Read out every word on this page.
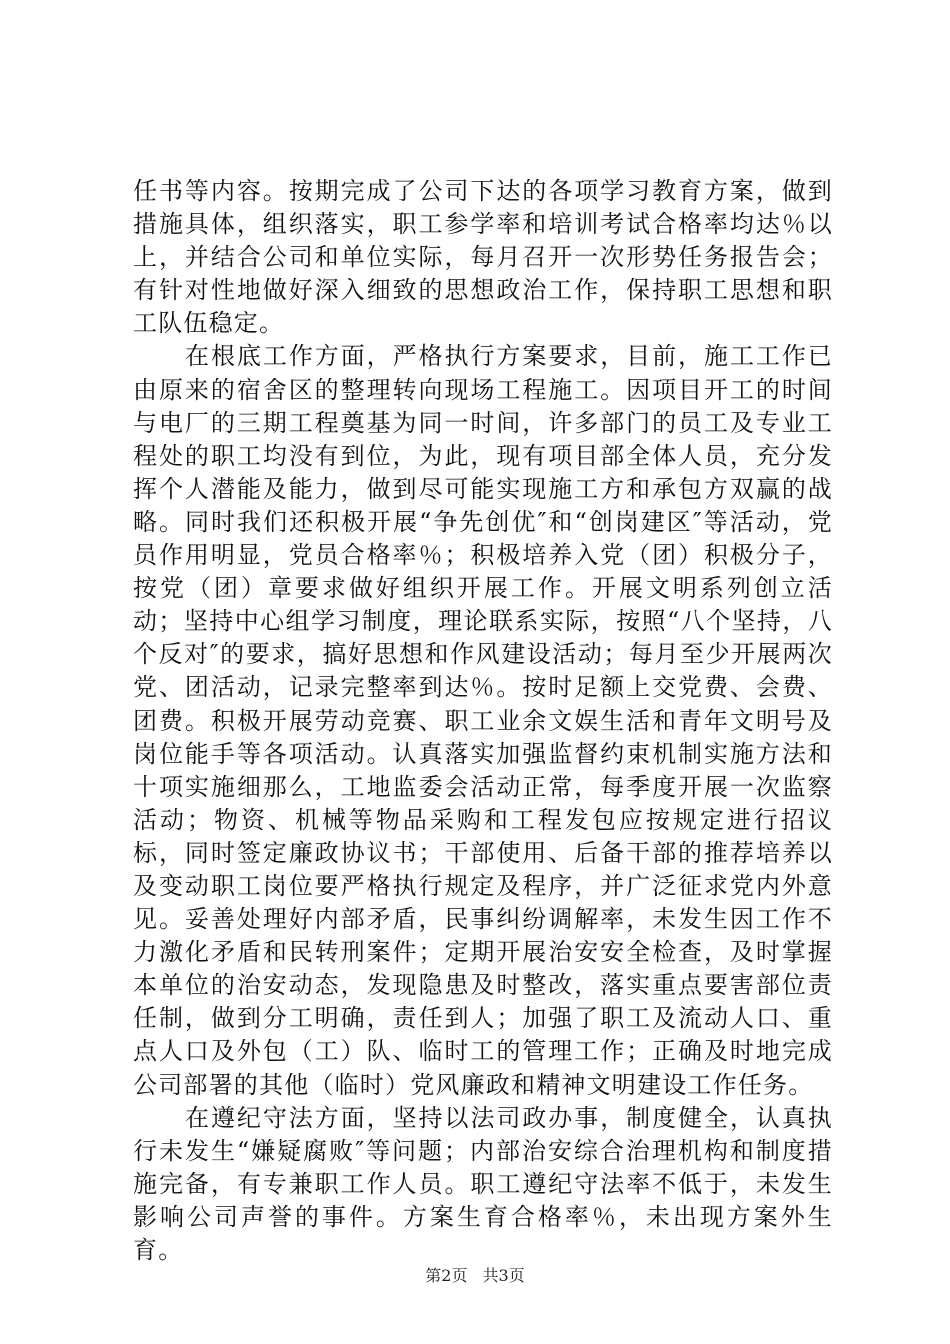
任书等内容。按期完成了公司下达的各项学习教育方案，做到措施具体，组织落实，职工参学率和培训考试合格率均达％以上，并结合公司和单位实际，每月召开一次形势任务报告会；有针对性地做好深入细致的思想政治工作，保持职工思想和职工队伍稳定。

在根底工作方面，严格执行方案要求，目前，施工工作已由原来的宿舍区的整理转向现场工程施工。因项目开工的时间与电厂的三期工程奠基为同一时间，许多部门的员工及专业工程处的职工均没有到位，为此，现有项目部全体人员，充分发挥个人潜能及能力，做到尽可能实现施工方和承包方双赢的战略。同时我们还积极开展“争先创优″和“创岗建区″等活动，党员作用明显，党员合格率％；积极培养入党（团）积极分子，按党（团）章要求做好组织开展工作。开展文明系列创立活动；坚持中心组学习制度，理论联系实际，按照“八个坚持，八个反对″的要求，搞好思想和作风建设活动；每月至少开展两次党、团活动，记录完整率到达％。按时足额上交党费、会费、团费。积极开展劳动竞赛、职工业余文娱生活和青年文明号及岗位能手等各项活动。认真落实加强监督约束机制实施方法和十项实施细那么，工地监委会活动正常，每季度开展一次监察活动；物资、机械等物品采购和工程发包应按规定进行招议标，同时签定廉政协议书；干部使用、后备干部的推荐培养以及变动职工岗位要严格执行规定及程序，并广泛征求党内外意见。妥善处理好内部矛盾，民事纠纷调解率，未发生因工作不力激化矛盾和民转刑案件；定期开展治安安全检查，及时掌握本单位的治安动态，发现隐患及时整改，落实重点要害部位责任制，做到分工明确，责任到人；加强了职工及流动人口、重点人口及外包（工）队、临时工的管理工作；正确及时地完成公司部署的其他（临时）党风廉政和精神文明建设工作任务。

在遵纪守法方面，坚持以法司政办事，制度健全，认真执行未发生“嫌疑腐败″等问题；内部治安综合治理机构和制度措施完备，有专兼职工作人员。职工遵纪守法率不低于，未发生影响公司声誉的事件。方案生育合格率％，未出现方案外生育。

第2页 共3页
